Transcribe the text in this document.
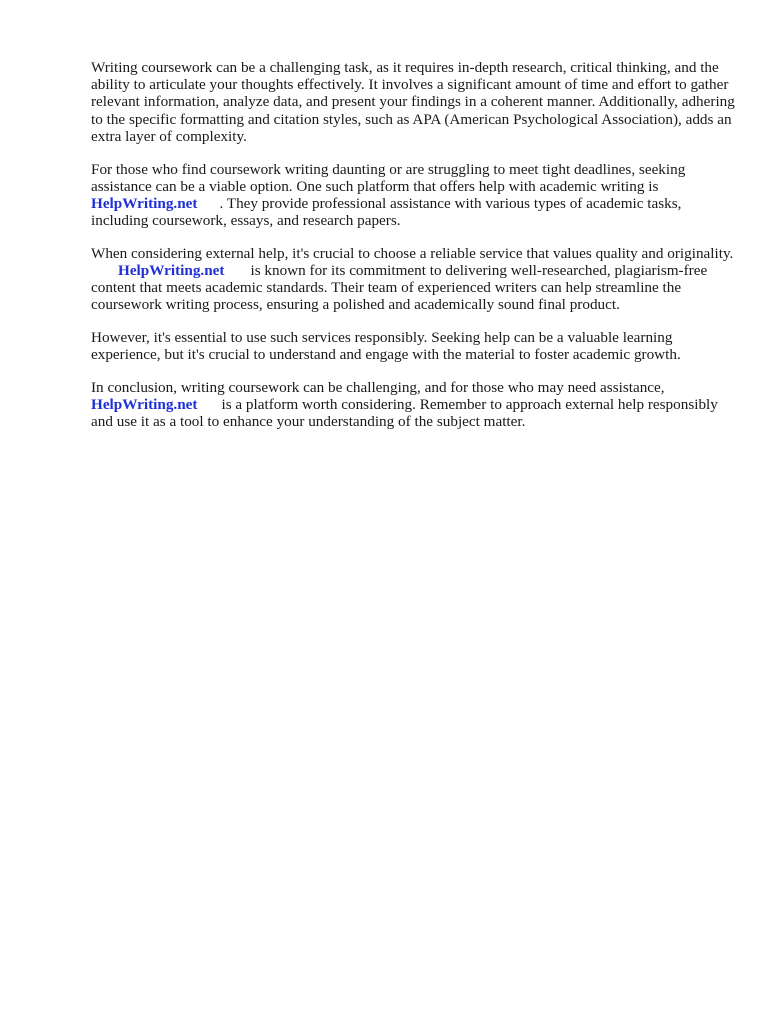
Writing coursework can be a challenging task, as it requires in-depth research, critical thinking, and the ability to articulate your thoughts effectively. It involves a significant amount of time and effort to gather relevant information, analyze data, and present your findings in a coherent manner. Additionally, adhering to the specific formatting and citation styles, such as APA (American Psychological Association), adds an extra layer of complexity.

For those who find coursework writing daunting or are struggling to meet tight deadlines, seeking assistance can be a viable option. One such platform that offers help with academic writing is
HelpWriting.net . They provide professional assistance with various types of academic tasks, including coursework, essays, and research papers.

When considering external help, it's crucial to choose a reliable service that values quality and originality.HelpWriting.net is known for its commitment to delivering well-researched, plagiarism-free content that meets academic standards. Their team of experienced writers can help streamline the coursework writing process, ensuring a polished and academically sound final product.

However, it's essential to use such services responsibly. Seeking help can be a valuable learning experience, but it's crucial to understand and engage with the material to foster academic growth.

In conclusion, writing coursework can be challenging, and for those who may need assistance,
HelpWriting.net is a platform worth considering. Remember to approach external help responsibly and use it as a tool to enhance your understanding of the subject matter.
